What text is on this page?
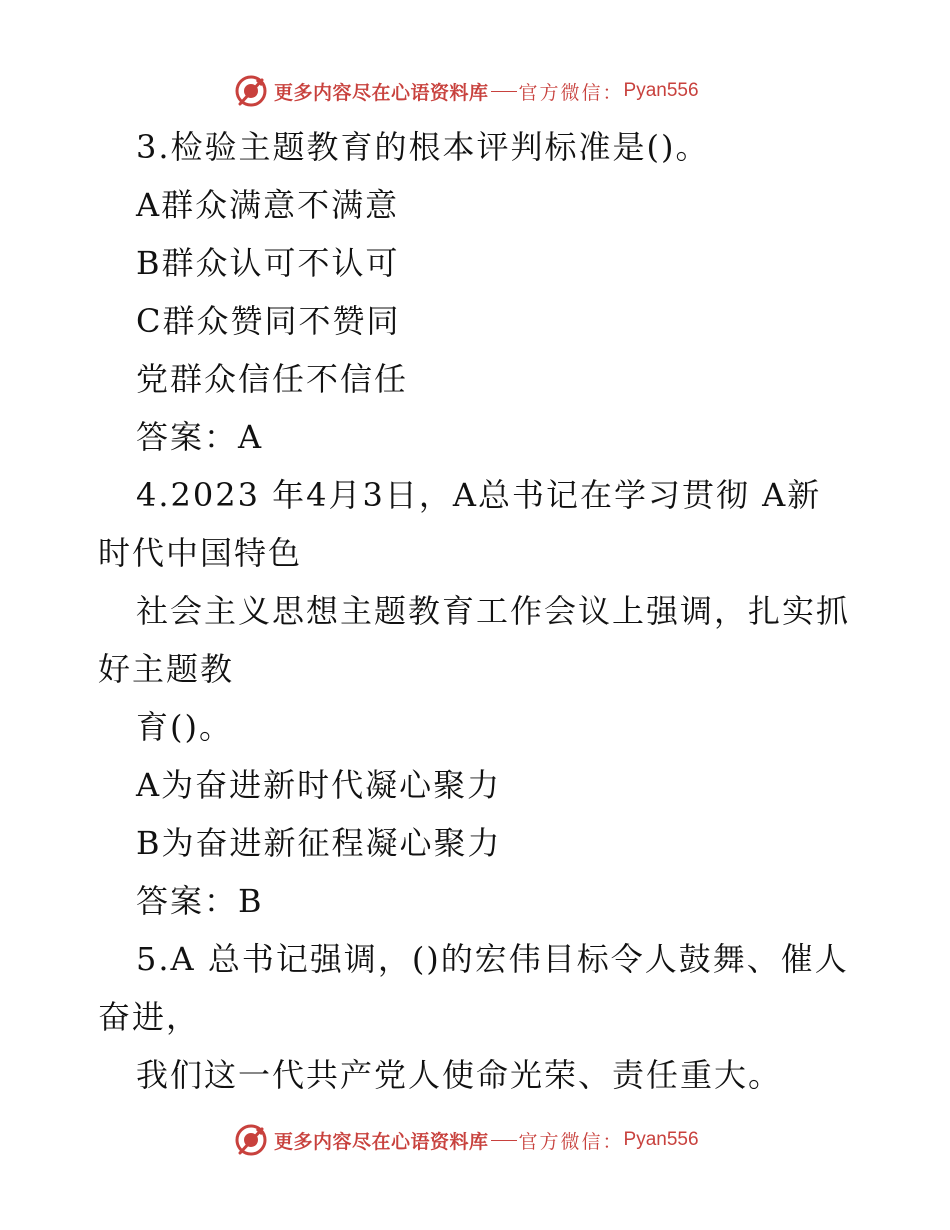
更多内容尽在心语资料库 官方微信： Pyan556
3.检验主题教育的根本评判标准是()。
A群众满意不满意
B群众认可不认可
C群众赞同不赞同
党群众信任不信任
答案：A
4.2023 年4月3日，A总书记在学习贯彻 A新
时代中国特色
社会主义思想主题教育工作会议上强调，扎实抓
好主题教
育()。
A为奋进新时代凝心聚力
B为奋进新征程凝心聚力
答案：B
5.A 总书记强调，()的宏伟目标令人鼓舞、催人
奋进，
我们这一代共产党人使命光荣、责任重大。
更多内容尽在心语资料库 官方微信： Pyan556
